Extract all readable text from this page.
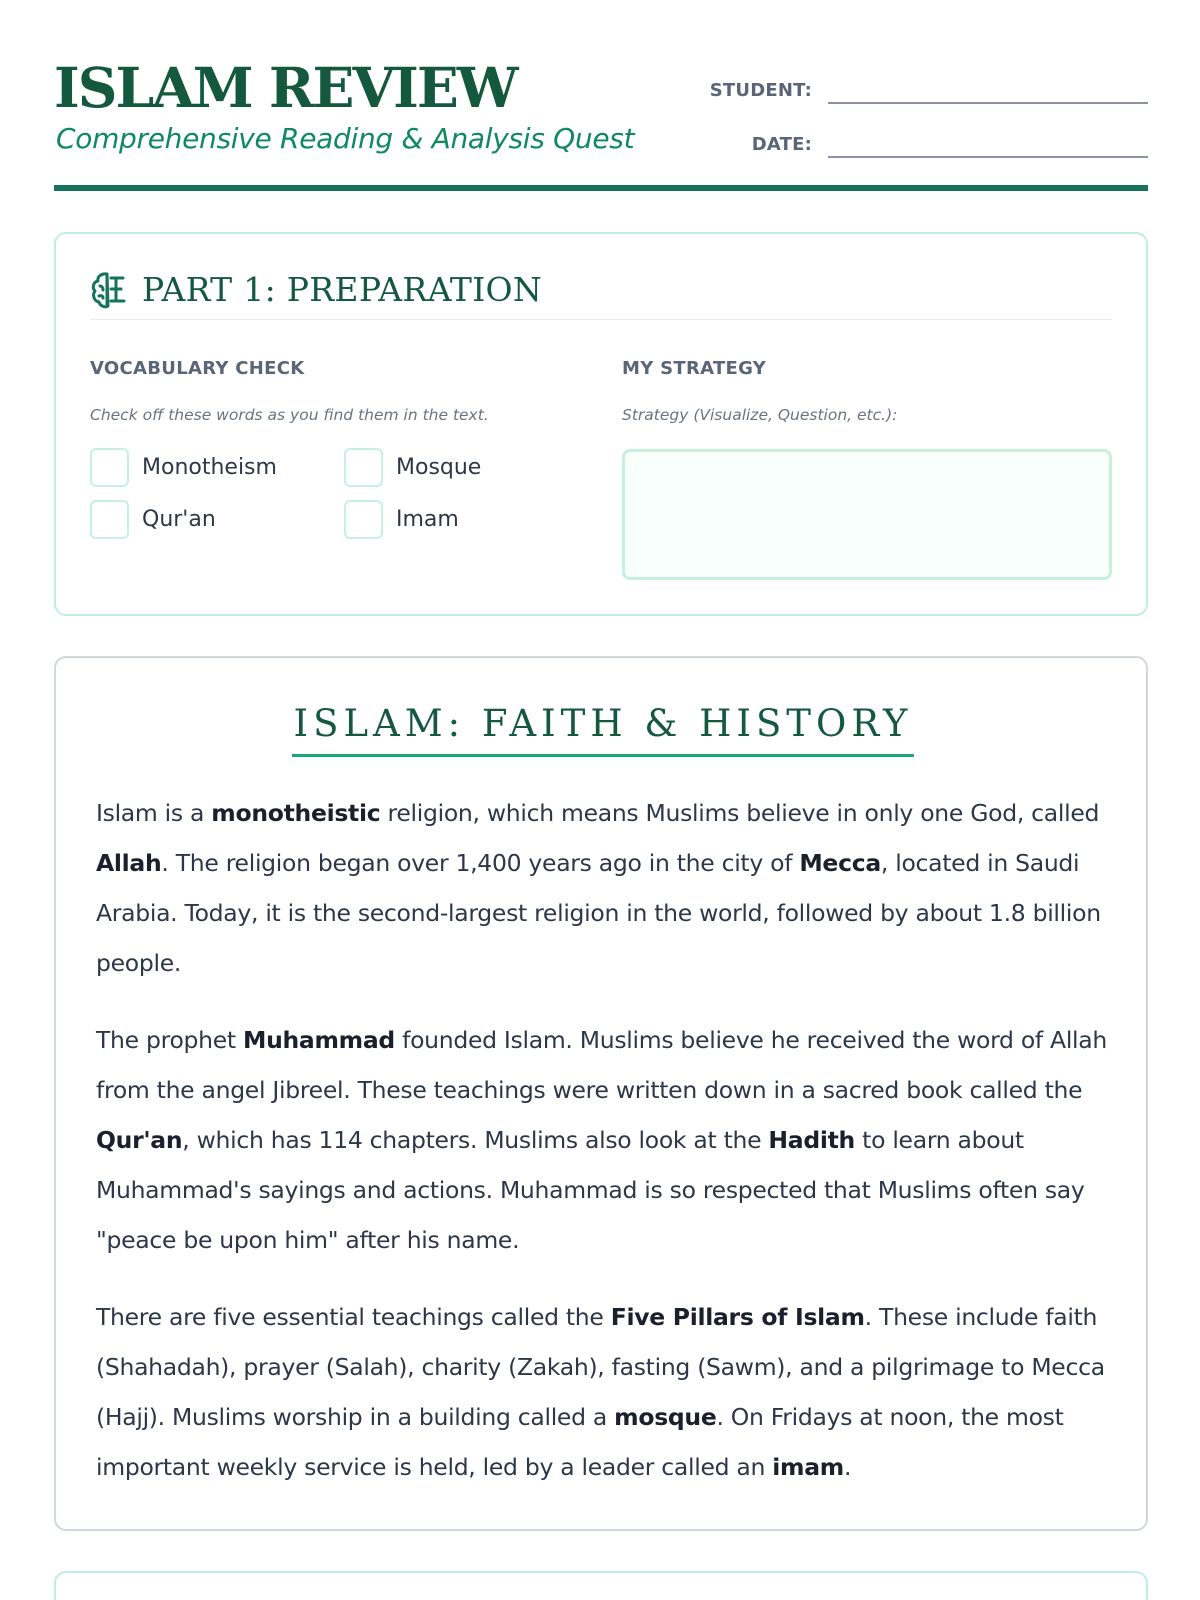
ISLAM REVIEW
Comprehensive Reading & Analysis Quest
STUDENT:
DATE:
PART 1: PREPARATION
VOCABULARY CHECK
Check off these words as you find them in the text.
Monotheism	Mosque
Qur'an	Imam
MY STRATEGY
Strategy (Visualize, Question, etc.):
ISLAM: FAITH & HISTORY

Islam is a monotheistic religion, which means Muslims believe in only one God, called Allah. The religion began over 1,400 years ago in the city of Mecca, located in Saudi Arabia. Today, it is the second-largest religion in the world, followed by about 1.8 billion people.

The prophet Muhammad founded Islam. Muslims believe he received the word of Allah from the angel Jibreel. These teachings were written down in a sacred book called the Qur'an, which has 114 chapters. Muslims also look at the Hadith to learn about Muhammad's sayings and actions. Muhammad is so respected that Muslims often say "peace be upon him" after his name.

There are five essential teachings called the Five Pillars of Islam. These include faith (Shahadah), prayer (Salah), charity (Zakah), fasting (Sawm), and a pilgrimage to Mecca (Hajj). Muslims worship in a building called a mosque. On Fridays at noon, the most important weekly service is held, led by a leader called an imam.
